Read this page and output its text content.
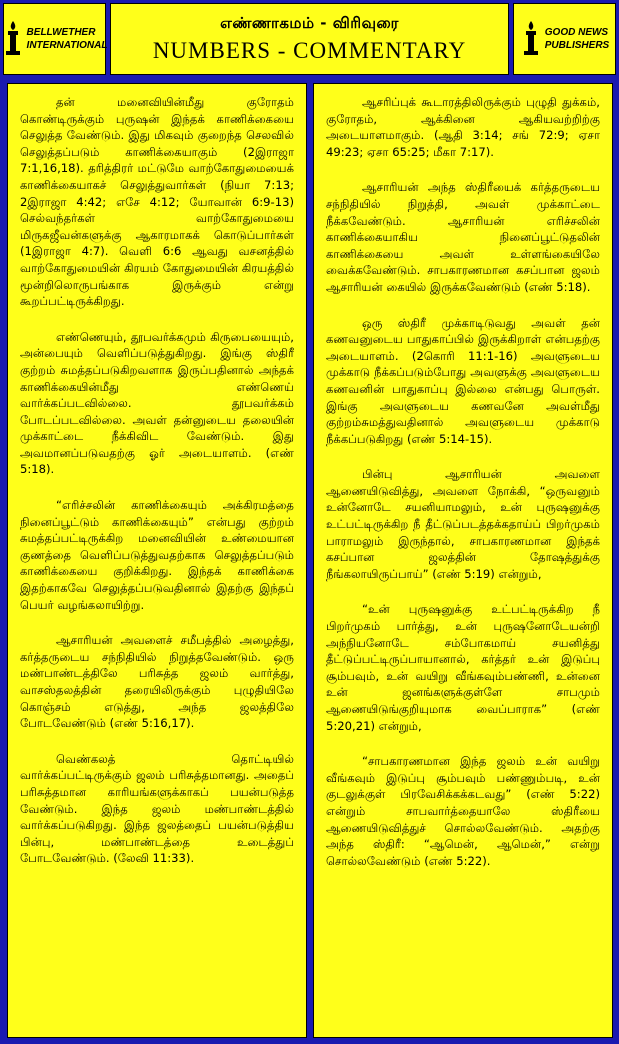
BELLWETHER
INTERNATIONAL
எண்ணாகமம் - விரிவுரை
NUMBERS - COMMENTARY
GOOD NEWS
PUBLISHERS

தன் மனைவியின்மீது குரோதம் கொண்டிருக்கும் புருஷன் இந்தக் காணிக்கையை செலுத்த வேண்டும். இது மிகவும் குறைந்த செலவில் செலுத்தப்படும் காணிக்கையாகும் (2இராஜா 7:1,16,18). தரித்திரர் மட்டுமே வாற்கோதுமையைக் காணிக்கையாகச் செலுத்துவார்கள் (நியா 7:13; 2இராஜா 4:42; எசே 4:12; யோவான் 6:9-13) செல்வந்தர்கள் வாற்கோதுமையை மிருகஜீவன்களுக்கு ஆகாரமாகக் கொடுப்பார்கள் (1இராஜா 4:7). வெளி 6:6 ஆவது வசனத்தில் வாற்கோதுமையின் கிரயம் கோதுமையின் கிரயத்தில் மூன்றிலொருபங்காக இருக்கும் என்று கூறப்பட்டிருக்கிறது.

எண்ணெயும், தூபவர்க்கமும் கிருபையையும், அன்பையும் வெளிப்படுத்துகிறது. இங்கு ஸ்திரீ குற்றம் சுமத்தப்படுகிறவளாக இருப்பதினால் அந்தக் காணிக்கையின்மீது எண்ணெய் வார்க்கப்படவில்லை. தூபவர்க்கம் போடப்படவில்லை. அவள் தன்னுடைய தலையின் முக்காட்டை நீக்கிவிட வேண்டும். இது அவமானப்படுவதற்கு ஓர் அடையாளம். (எண் 5:18).

“எரிச்சலின் காணிக்கையும் அக்கிரமத்தை நினைப்பூட்டும் காணிக்கையும்” என்பது குற்றம் சுமத்தப்பட்டிருக்கிற மனைவியின் உண்மையான குணத்தை வெளிப்படுத்துவதற்காக செலுத்தப்படும் காணிக்கையை குறிக்கிறது. இந்தக் காணிக்கை இதற்காகவே செலுத்தப்படுவதினால் இதற்கு இந்தப் பெயர் வழங்கலாயிற்று.

ஆசாரியன் அவளைச் சமீபத்தில் அழைத்து, கர்த்தருடைய சந்நிதியில் நிறுத்தவேண்டும். ஒரு மண்பாண்டத்திலே பரிசுத்த ஜலம் வார்த்து, வாசஸ்தலத்தின் தரையிலிருக்கும் புழுதியிலே கொஞ்சம் எடுத்து, அந்த ஜலத்திலே போடவேண்டும் (எண் 5:16,17).

வெண்கலத் தொட்டியில் வார்க்கப்பட்டிருக்கும் ஜலம் பரிசுத்தமானது. அதைப் பரிசுத்தமான காரியங்களுக்காகப் பயன்படுத்த வேண்டும். இந்த ஜலம் மண்பாண்டத்தில் வார்க்கப்படுகிறது. இந்த ஜலத்தைப் பயன்படுத்திய பின்பு, மண்பாண்டத்தை உடைத்துப் போடவேண்டும். (லேவி 11:33).

ஆசரிப்புக் கூடாரத்திலிருக்கும் புழுதி துக்கம், குரோதம், ஆக்கினை ஆகியவற்றிற்கு அடையாளமாகும். (ஆதி 3:14; சங் 72:9; ஏசா 49:23; ஏசா 65:25; மீகா 7:17).

ஆசாரியன் அந்த ஸ்திரீயைக் கர்த்தருடைய சந்நிதியில் நிறுத்தி, அவள் முக்காட்டை நீக்கவேண்டும். ஆசாரியன் எரிச்சலின் காணிக்கையாகிய நினைப்பூட்டுதலின் காணிக்கையை அவள் உள்ளங்கையிலே வைக்கவேண்டும். சாபகாரணமான கசப்பான ஜலம் ஆசாரியன் கையில் இருக்கவேண்டும் (எண் 5:18).

ஒரு ஸ்திரீ முக்காடிடுவது அவள் தன் கணவனுடைய பாதுகாப்பில் இருக்கிறாள் என்பதற்கு அடையாளம். (2கொரி 11:1-16) அவளுடைய முக்காடு நீக்கப்படும்போது அவளுக்கு அவளுடைய கணவனின் பாதுகாப்பு இல்லை என்பது பொருள். இங்கு அவளுடைய கணவனே அவள்மீது குற்றம்சுமத்துவதினால் அவளுடைய முக்காடு நீக்கப்படுகிறது (எண் 5:14-15).

பின்பு ஆசாரியன் அவளை ஆணையிடுவித்து, அவளை நோக்கி, “ஒருவனும் உன்னோடே சயனியாமலும், உன் புருஷனுக்கு உட்பட்டிருக்கிற நீ தீட்டுப்படத்தக்கதாய்ப் பிறர்முகம் பாராமலும் இருந்தால், சாபகாரணமான இந்தக் கசப்பான ஜலத்தின் தோஷத்துக்கு நீங்கலாயிருப்பாய்” (எண் 5:19) என்றும்,

“உன் புருஷனுக்கு உட்பட்டிருக்கிற நீ பிறர்முகம் பார்த்து, உன் புருஷனோடேயன்றி அந்நியனோடே சம்போகமாய் சயனித்து தீட்டுப்பட்டிருப்பாயானால், கர்த்தர் உன் இடுப்பு சூம்பவும், உன் வயிறு வீங்கவும்பண்ணி, உன்னை உன் ஜனங்களுக்குள்ளே சாபமும் ஆணையிடுங்குறியுமாக வைப்பாராக” (எண் 5:20,21) என்றும்,

“சாபகாரணமான இந்த ஜலம் உன் வயிறு வீங்கவும் இடுப்பு சூம்பவும் பண்ணும்படி, உன் குடலுக்குள் பிரவேசிக்கக்கடவது” (எண் 5:22) என்றும் சாபவார்த்தையாலே ஸ்திரீயை ஆணையிடுவித்துச் சொல்லவேண்டும். அதற்கு அந்த ஸ்திரீ: “ஆமென், ஆமென்,” என்று சொல்லவேண்டும் (எண் 5:22).
